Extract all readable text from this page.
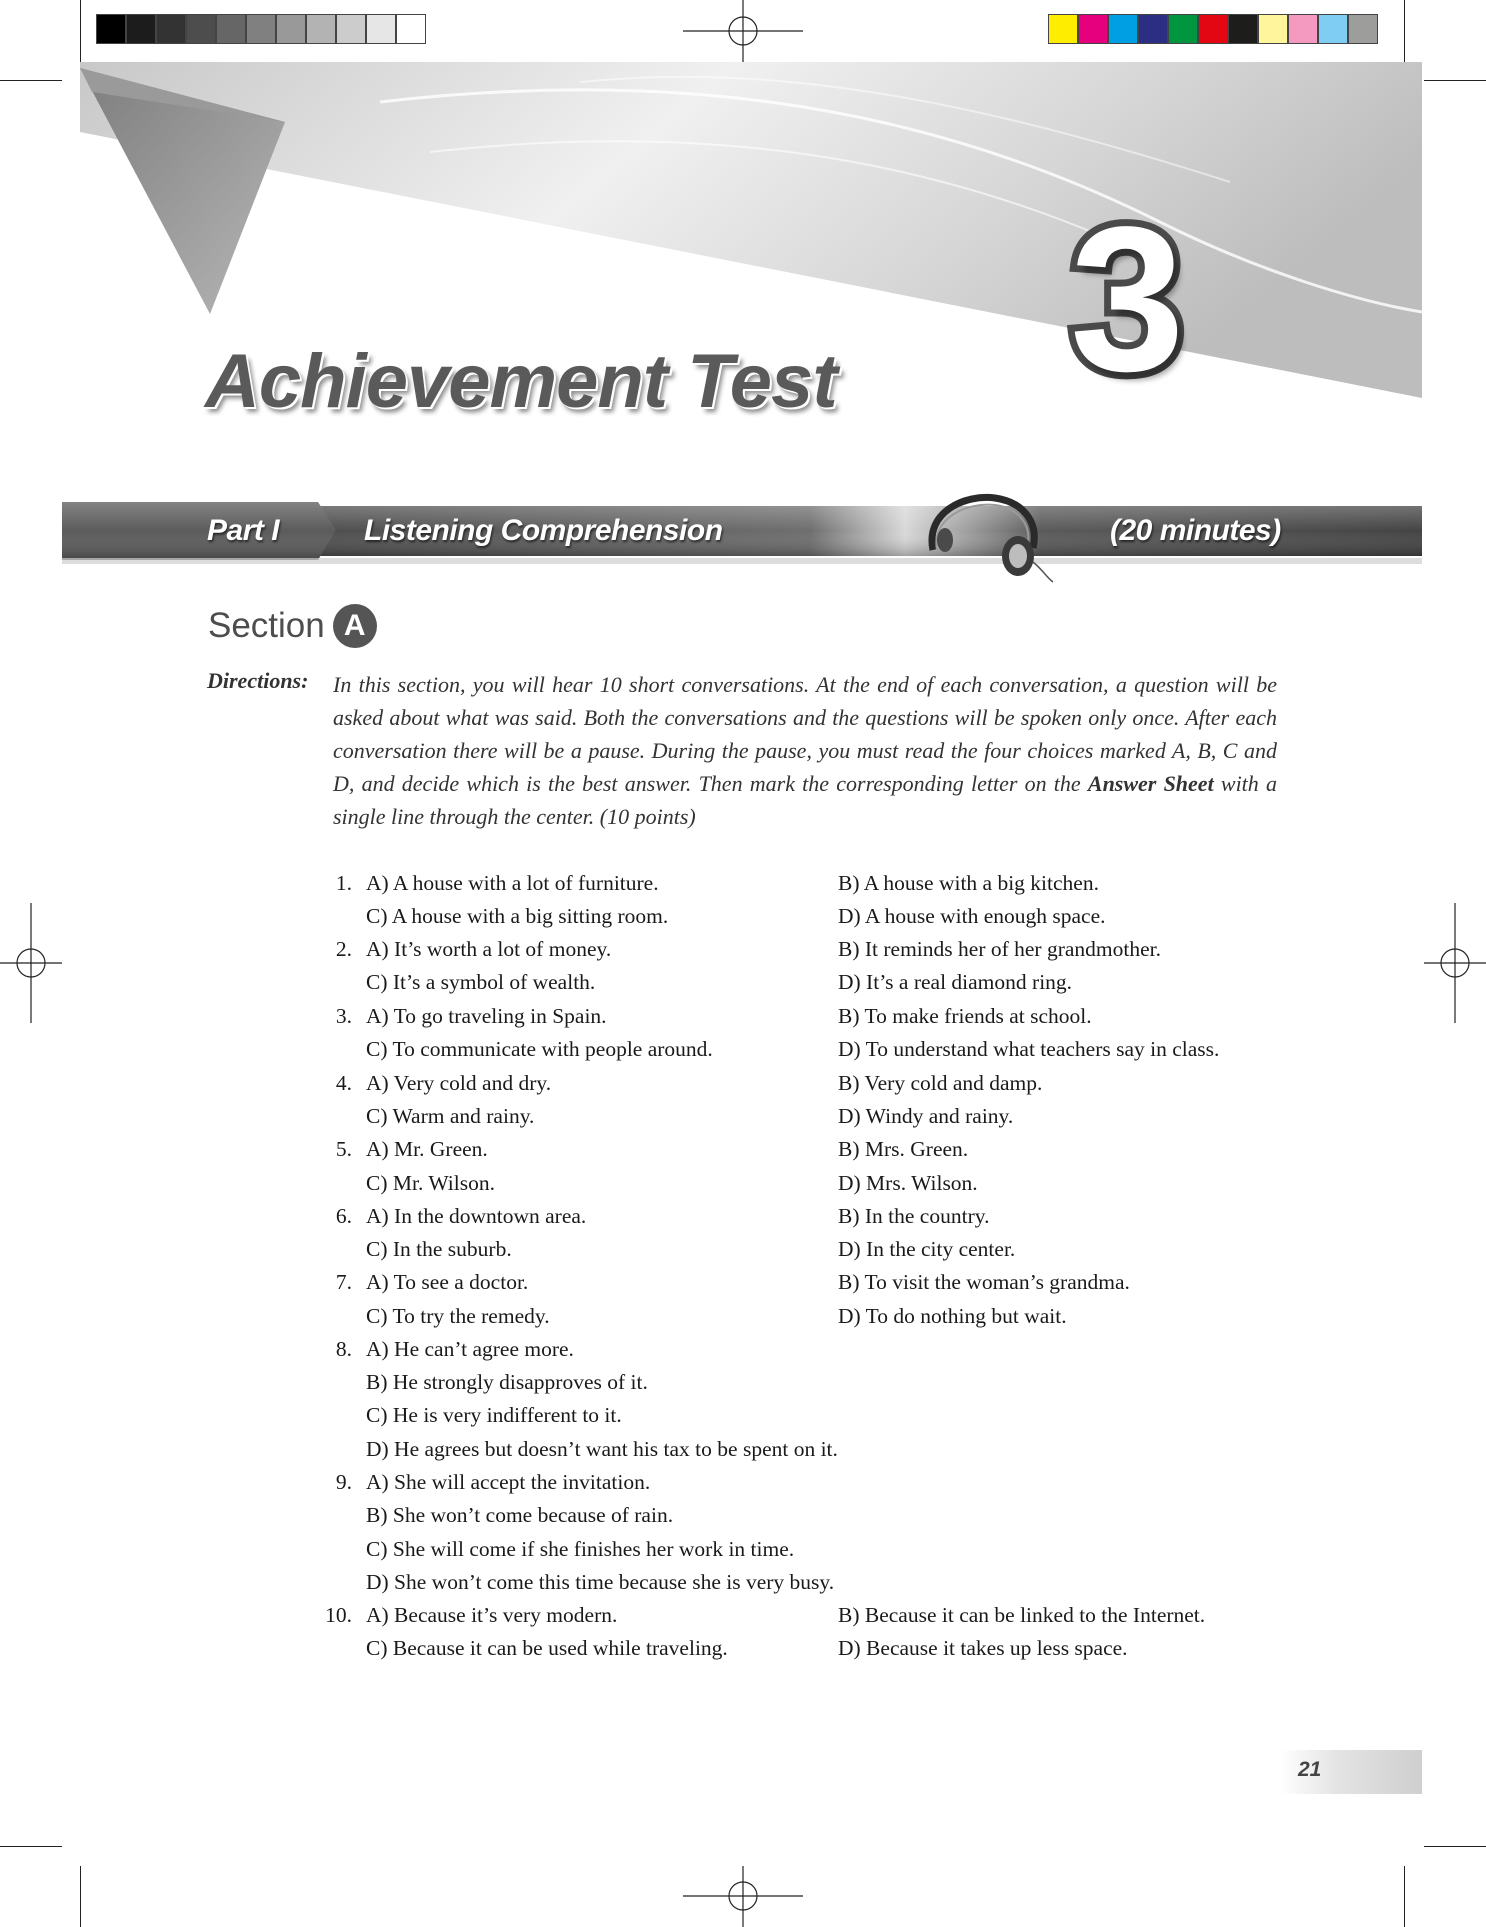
Achievement Test 3
Part I	Listening Comprehension	(20 minutes)
Section A
Directions: In this section, you will hear 10 short conversations. At the end of each conversation, a question will be asked about what was said. Both the conversations and the questions will be spoken only once. After each conversation there will be a pause. During the pause, you must read the four choices marked A, B, C and D, and decide which is the best answer. Then mark the corresponding letter on the Answer Sheet with a single line through the center. (10 points)
1. A) A house with a lot of furniture.	B) A house with a big kitchen.
C) A house with a big sitting room.	D) A house with enough space.
2. A) It’s worth a lot of money.	B) It reminds her of her grandmother.
C) It’s a symbol of wealth.	D) It’s a real diamond ring.
3. A) To go traveling in Spain.	B) To make friends at school.
C) To communicate with people around.	D) To understand what teachers say in class.
4. A) Very cold and dry.	B) Very cold and damp.
C) Warm and rainy.	D) Windy and rainy.
5. A) Mr. Green.	B) Mrs. Green.
C) Mr. Wilson.	D) Mrs. Wilson.
6. A) In the downtown area.	B) In the country.
C) In the suburb.	D) In the city center.
7. A) To see a doctor.	B) To visit the woman’s grandma.
C) To try the remedy.	D) To do nothing but wait.
8. A) He can’t agree more.
B) He strongly disapproves of it.
C) He is very indifferent to it.
D) He agrees but doesn’t want his tax to be spent on it.
9. A) She will accept the invitation.
B) She won’t come because of rain.
C) She will come if she finishes her work in time.
D) She won’t come this time because she is very busy.
10. A) Because it’s very modern.	B) Because it can be linked to the Internet.
C) Because it can be used while traveling.	D) Because it takes up less space.
21
